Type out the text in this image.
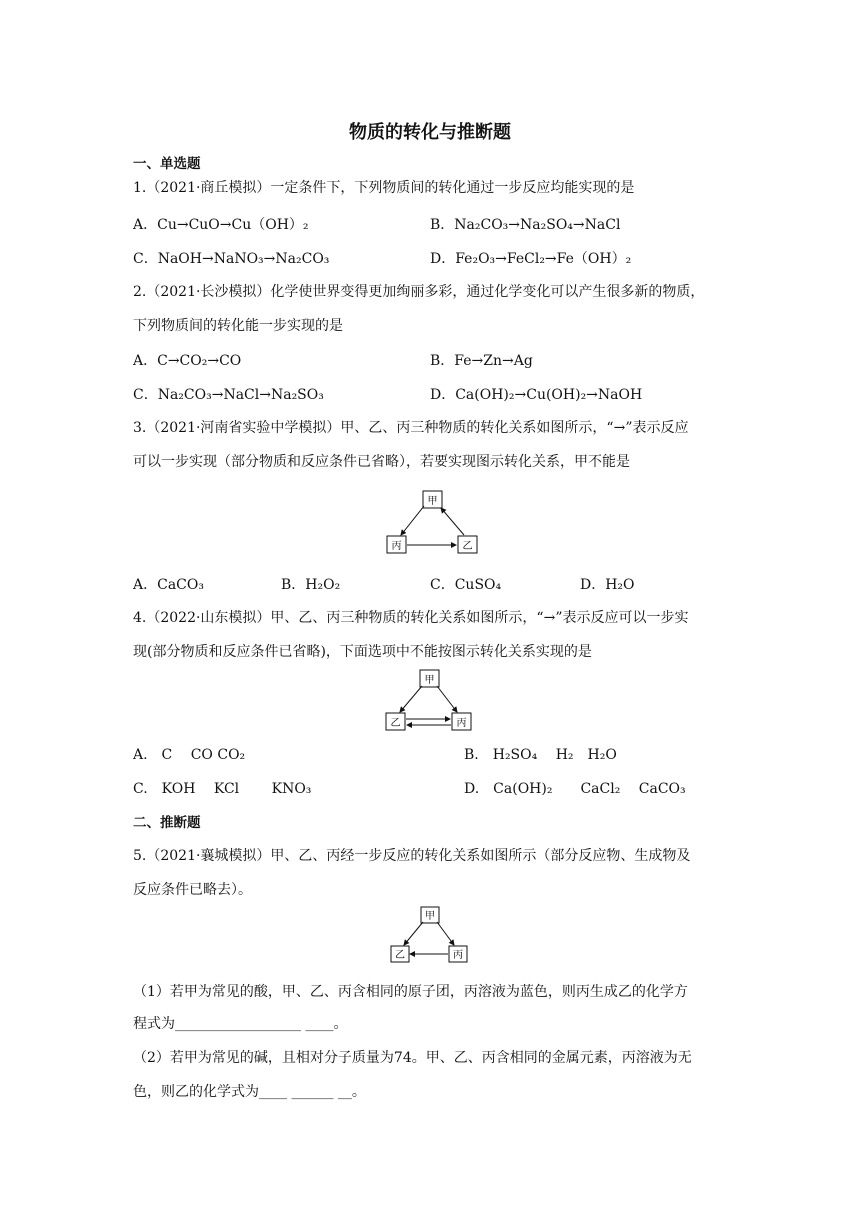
物质的转化与推断题
一、单选题
1.（2021·商丘模拟）一定条件下，下列物质间的转化通过一步反应均能实现的是
A．Cu→CuO→Cu（OH）₂	B．Na₂CO₃→Na₂SO₄→NaCl
C．NaOH→NaNO₃→Na₂CO₃	D．Fe₂O₃→FeCl₂→Fe（OH）₂
2.（2021·长沙模拟）化学使世界变得更加绚丽多彩，通过化学变化可以产生很多新的物质，
下列物质间的转化能一步实现的是
A．C→CO₂→CO	B．Fe→Zn→Ag
C．Na₂CO₃→NaCl→Na₂SO₃	D．Ca(OH)₂→Cu(OH)₂→NaOH
3.（2021·河南省实验中学模拟）甲、乙、丙三种物质的转化关系如图所示，“→”表示反应
可以一步实现（部分物质和反应条件已省略），若要实现图示转化关系，甲不能是
甲
丙	乙
A．CaCO₃	B．H₂O₂	C．CuSO₄	D．H₂O
4.（2022·山东模拟）甲、乙、丙三种物质的转化关系如图所示，“→”表示反应可以一步实
现(部分物质和反应条件已省略)，下面选项中不能按图示转化关系实现的是
甲
乙	丙
A.　C　 CO CO₂	B.　H₂SO₄　 H₂　H₂O
C.　KOH　 KCl　 　KNO₃	D.　Ca(OH)₂　　CaCl₂　 CaCO₃
二、推断题
5.（2021·襄城模拟）甲、乙、丙经一步反应的转化关系如图所示（部分反应物、生成物及
反应条件已略去）。
甲
乙	丙
（1）若甲为常见的酸，甲、乙、丙含相同的原子团，丙溶液为蓝色，则丙生成乙的化学方
程式为__________________ ____。
（2）若甲为常见的碱，且相对分子质量为74。甲、乙、丙含相同的金属元素，丙溶液为无
色，则乙的化学式为____ ______ __。
